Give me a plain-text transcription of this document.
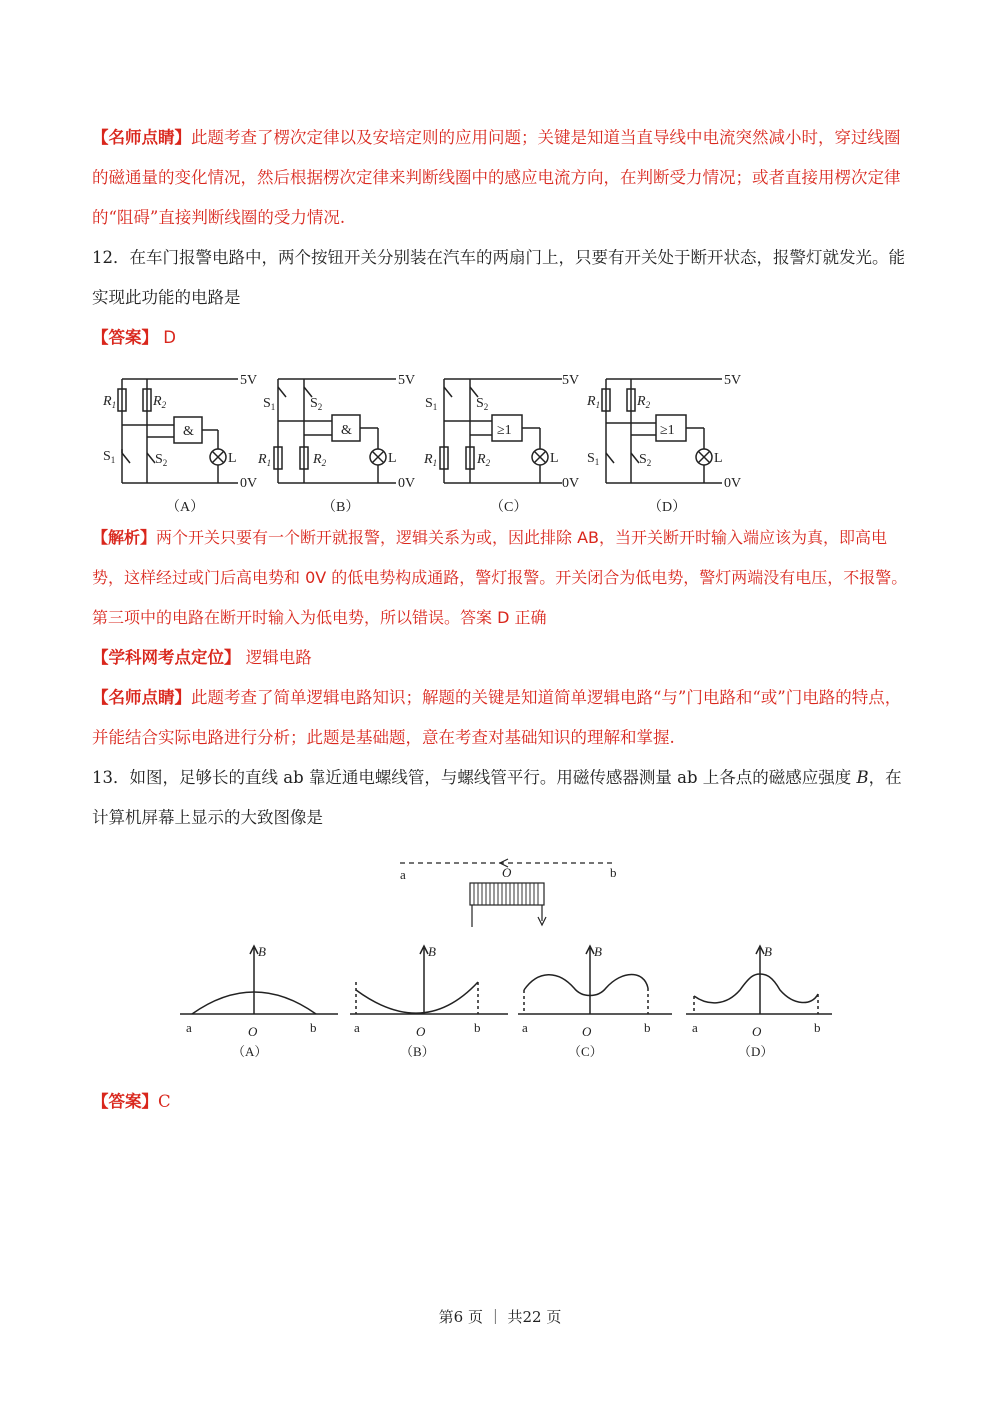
【名师点睛】此题考查了楞次定律以及安培定则的应用问题；关键是知道当直导线中电流突然减小时，穿过线圈的磁通量的变化情况，然后根据楞次定律来判断线圈中的感应电流方向，在判断受力情况；或者直接用楞次定律的“阻碍”直接判断线圈的受力情况.
12．在车门报警电路中，两个按钮开关分别装在汽车的两扇门上，只要有开关处于断开状态，报警灯就发光。能实现此功能的电路是
【答案】 D
5V
$R_1$	$R_2$
&
L
$S_1$	$S_2$
0V
（A）
5V
$S_1$ $S_2$
&
L
$R_1$	$R_2$
0V
（B）
5V
$S_1$	$S_2$
≥1
L
$R_1$	$R_2$
0V
（C）
5V
$R_1$	$R_2$
≥1
L
$S_1$	$S_2$
0V
（D）
【解析】两个开关只要有一个断开就报警，逻辑关系为或，因此排除 AB，当开关断开时输入端应该为真，即高电势，这样经过或门后高电势和 0V 的低电势构成通路，警灯报警。开关闭合为低电势，警灯两端没有电压，不报警。第三项中的电路在断开时输入为低电势，所以错误。答案 D 正确
【学科网考点定位】 逻辑电路
【名师点睛】此题考查了简单逻辑电路知识；解题的关键是知道简单逻辑电路“与”门电路和“或”门电路的特点，并能结合实际电路进行分析；此题是基础题，意在考查对基础知识的理解和掌握.
13．如图，足够长的直线 ab 靠近通电螺线管，与螺线管平行。用磁传感器测量 ab 上各点的磁感应强度 B，在计算机屏幕上显示的大致图像是
a	O	b
B
a	O	b
（A）
B
a	O	b
（B）
B
a	O	b
（C）
B
a	O	b
（D）
【答案】C
第6 页 ｜ 共22 页
